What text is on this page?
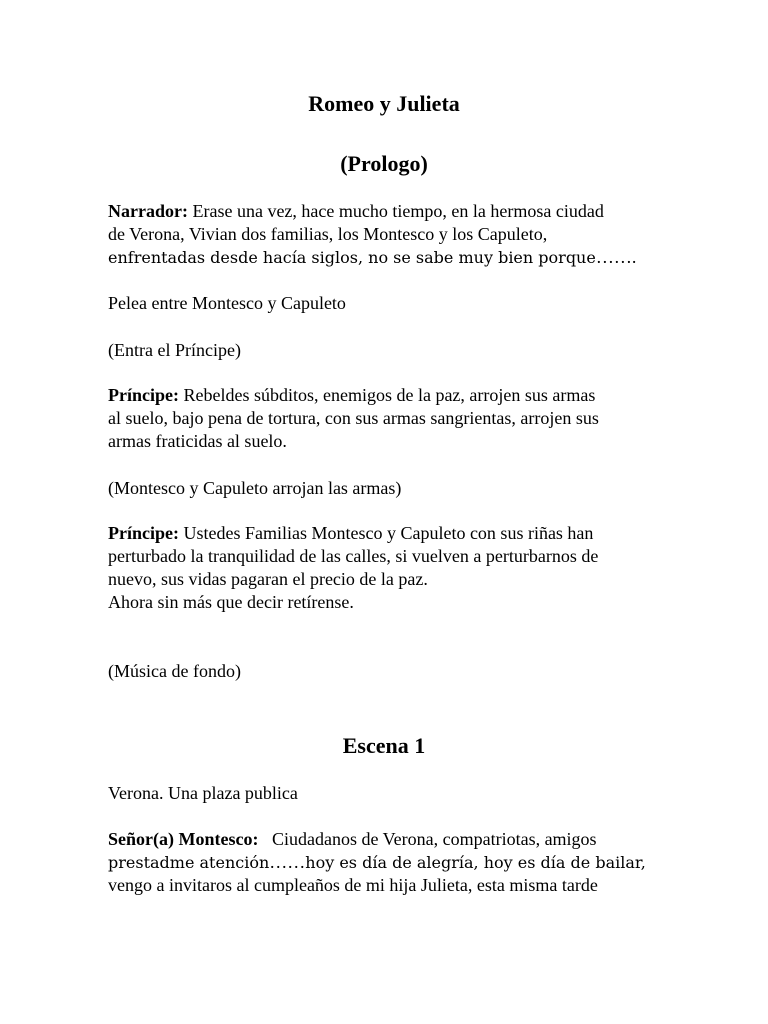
Romeo y Julieta
(Prologo)
Narrador: Erase una vez, hace mucho tiempo, en la hermosa ciudad
de Verona, Vivian dos familias, los Montesco y los Capuleto,
enfrentadas desde hacía siglos, no se sabe muy bien porque…….

Pelea entre Montesco y Capuleto

(Entra el Príncipe)

Príncipe: Rebeldes súbditos, enemigos de la paz, arrojen sus armas
al suelo, bajo pena de tortura, con sus armas sangrientas, arrojen sus
armas fraticidas al suelo.

(Montesco y Capuleto arrojan las armas)

Príncipe: Ustedes Familias Montesco y Capuleto con sus riñas han
perturbado la tranquilidad de las calles, si vuelven a perturbarnos de
nuevo, sus vidas pagaran el precio de la paz.
Ahora sin más que decir retírense.

(Música de fondo)

Escena 1

Verona. Una plaza publica

Señor(a) Montesco:   Ciudadanos de Verona, compatriotas, amigos
prestadme atención……hoy es día de alegría, hoy es día de bailar,
vengo a invitaros al cumpleaños de mi hija Julieta, esta misma tarde
